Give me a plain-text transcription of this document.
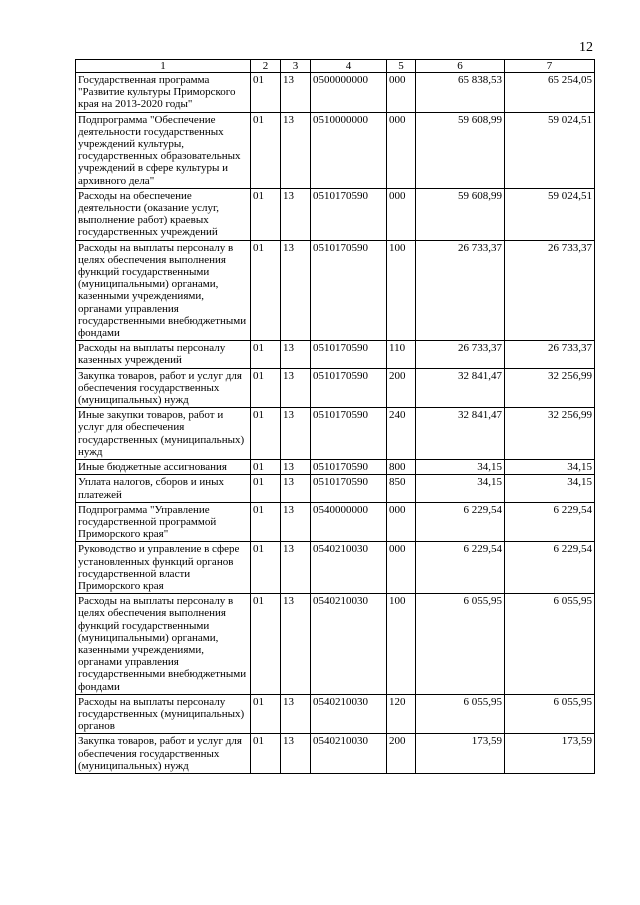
12
1	2	3	4	5	6	7
Государственная программа "Развитие культуры Приморского края на 2013-2020 годы"	01	13	0500000000	000	65 838,53	65 254,05
Подпрограмма "Обеспечение деятельности государственных учреждений культуры, государственных образовательных учреждений в сфере культуры и архивного дела"	01	13	0510000000	000	59 608,99	59 024,51
Расходы на обеспечение деятельности (оказание услуг, выполнение работ) краевых государственных учреждений	01	13	0510170590	000	59 608,99	59 024,51
Расходы на выплаты персоналу в целях обеспечения выполнения функций государственными (муниципальными) органами, казенными учреждениями, органами управления государственными внебюджетными фондами	01	13	0510170590	100	26 733,37	26 733,37
Расходы на выплаты персоналу казенных учреждений	01	13	0510170590	110	26 733,37	26 733,37
Закупка товаров, работ и услуг для обеспечения государственных (муниципальных) нужд	01	13	0510170590	200	32 841,47	32 256,99
Иные закупки товаров, работ и услуг для обеспечения государственных (муниципальных) нужд	01	13	0510170590	240	32 841,47	32 256,99
Иные бюджетные ассигнования	01	13	0510170590	800	34,15	34,15
Уплата налогов, сборов и иных платежей	01	13	0510170590	850	34,15	34,15
Подпрограмма "Управление государственной программой Приморского края"	01	13	0540000000	000	6 229,54	6 229,54
Руководство и управление в сфере установленных функций органов государственной власти Приморского края	01	13	0540210030	000	6 229,54	6 229,54
Расходы на выплаты персоналу в целях обеспечения выполнения функций государственными (муниципальными) органами, казенными учреждениями, органами управления государственными внебюджетными фондами	01	13	0540210030	100	6 055,95	6 055,95
Расходы на выплаты персоналу государственных (муниципальных) органов	01	13	0540210030	120	6 055,95	6 055,95
Закупка товаров, работ и услуг для обеспечения государственных (муниципальных) нужд	01	13	0540210030	200	173,59	173,59
